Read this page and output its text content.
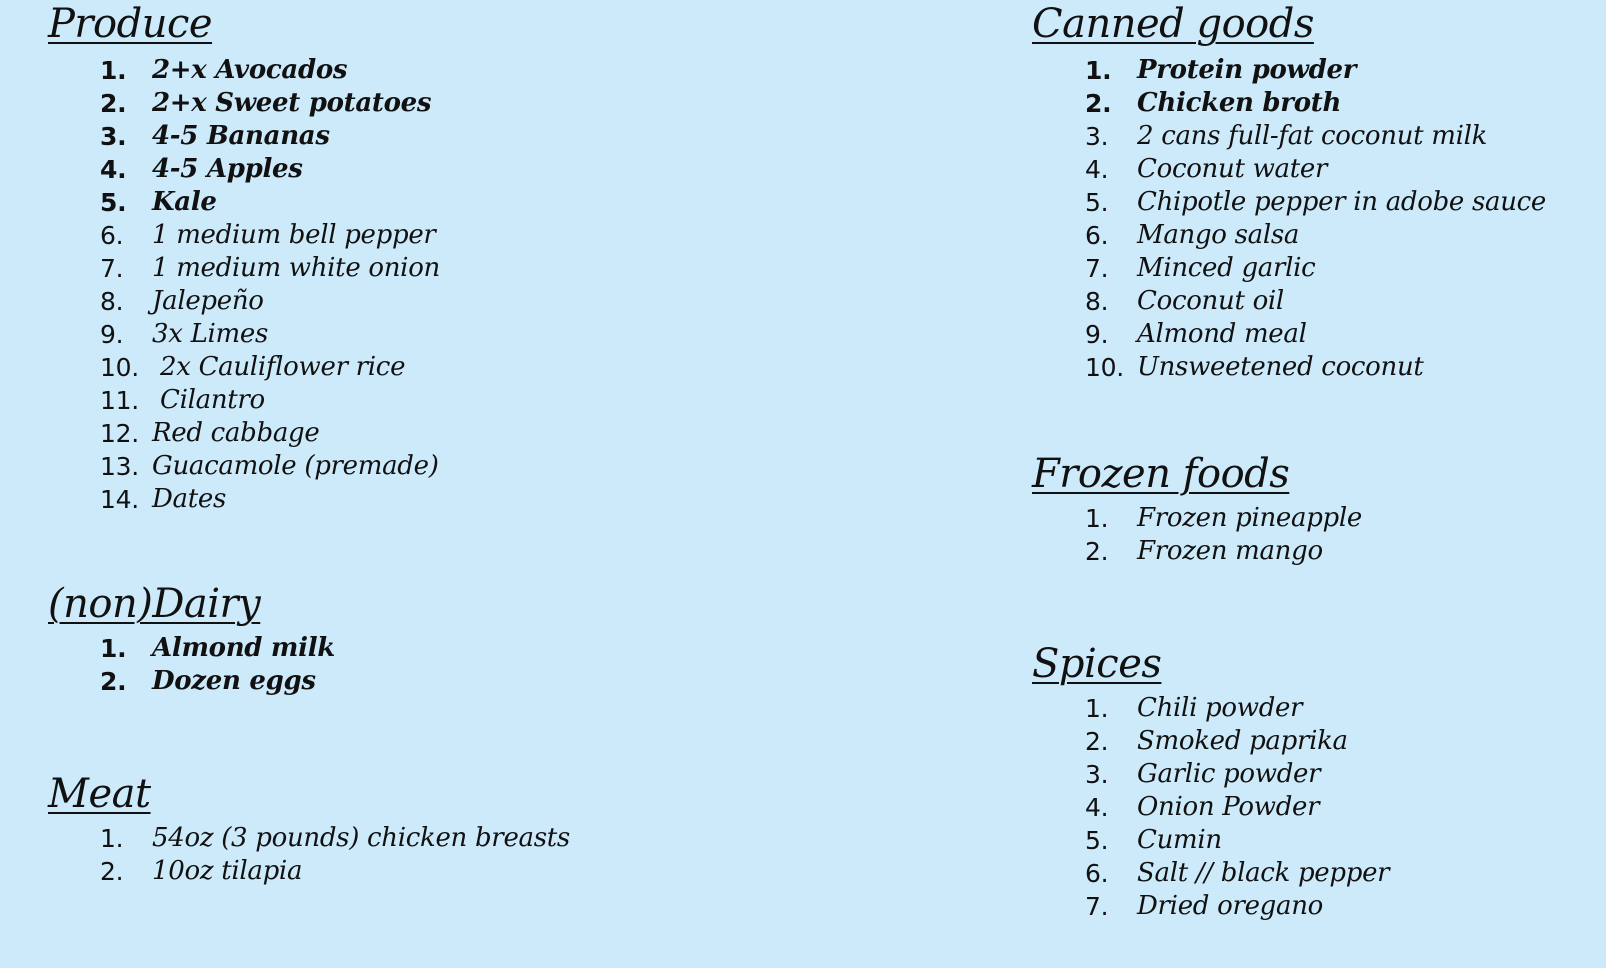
Produce
1. 2+x Avocados
2. 2+x Sweet potatoes
3. 4-5 Bananas
4. 4-5 Apples
5. Kale
6. 1 medium bell pepper
7. 1 medium white onion
8. Jalepeño
9. 3x Limes
10. 2x Cauliflower rice
11. Cilantro
12. Red cabbage
13. Guacamole (premade)
14. Dates
(non)Dairy
1. Almond milk
2. Dozen eggs
Meat
1. 54oz (3 pounds) chicken breasts
2. 10oz tilapia
Canned goods
1. Protein powder
2. Chicken broth
3. 2 cans full-fat coconut milk
4. Coconut water
5. Chipotle pepper in adobe sauce
6. Mango salsa
7. Minced garlic
8. Coconut oil
9. Almond meal
10. Unsweetened coconut
Frozen foods
1. Frozen pineapple
2. Frozen mango
Spices
1. Chili powder
2. Smoked paprika
3. Garlic powder
4. Onion Powder
5. Cumin
6. Salt // black pepper
7. Dried oregano
